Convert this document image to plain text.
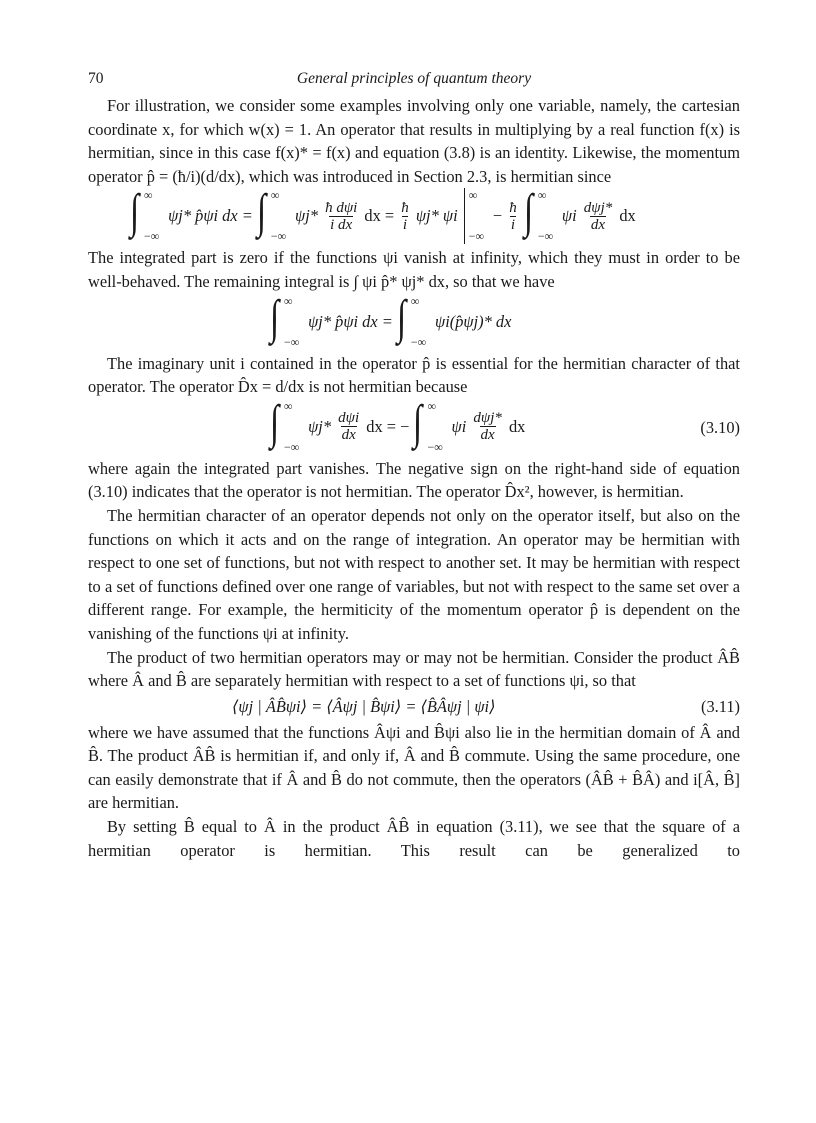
70	General principles of quantum theory

For illustration, we consider some examples involving only one variable, namely, the cartesian coordinate x, for which w(x) = 1. An operator that results in multiplying by a real function f(x) is hermitian, since in this case f(x)* = f(x) and equation (3.8) is an identity. Likewise, the momentum operator p̂ = (ħ/i)(d/dx), which was introduced in Section 2.3, is hermitian since

∫ ∞
−∞
ψj* p̂ψi dx = ∫ ∞
−∞
$\psi j* \frac{\text{ħ dψi}}{\text{i dx}}$ dx = $\frac{ħ}{i} \psi j*$ ψi
∞
−∞
− $\frac{ħ}{i}$
∫ ∞
−∞
ψi $\frac{\text{dψj*}}{dx}$ dx

The integrated part is zero if the functions ψi vanish at infinity, which they must in order to be well-behaved. The remaining integral is ∫ ψi p̂* ψj* dx, so that we have

∫ ∞
−∞
ψj* p̂ψi dx = ∫ ∞
−∞
ψi(p̂ψj)* dx

The imaginary unit i contained in the operator p̂ is essential for the hermitian character of that operator. The operator D̂x = d/dx is not hermitian because

∫ ∞
−∞
$\psi j* \frac{\text{dψi}}{dx}$ dx = − ∫ ∞
−∞
ψi $\frac{\text{dψj*}}{dx}$ dx	(3.10)

where again the integrated part vanishes. The negative sign on the right-hand side of equation (3.10) indicates that the operator is not hermitian. The operator D̂x², however, is hermitian.

The hermitian character of an operator depends not only on the operator itself, but also on the functions on which it acts and on the range of integration. An operator may be hermitian with respect to one set of functions, but not with respect to another set. It may be hermitian with respect to a set of functions defined over one range of variables, but not with respect to the same set over a different range. For example, the hermiticity of the momentum operator p̂ is dependent on the vanishing of the functions ψi at infinity.

The product of two hermitian operators may or may not be hermitian. Consider the product ÂB̂ where Â and B̂ are separately hermitian with respect to a set of functions ψi, so that

⟨ψj | ÂB̂ψi⟩ = ⟨Âψj | B̂ψi⟩ = ⟨B̂Âψj | ψi⟩	(3.11)

where we have assumed that the functions Âψi and B̂ψi also lie in the hermitian domain of Â and B̂. The product ÂB̂ is hermitian if, and only if, Â and B̂ commute. Using the same procedure, one can easily demonstrate that if Â and B̂ do not commute, then the operators (ÂB̂ + B̂Â) and i[Â, B̂] are hermitian.

By setting B̂ equal to Â in the product ÂB̂ in equation (3.11), we see that the square of a hermitian operator is hermitian. This result can be generalized to
